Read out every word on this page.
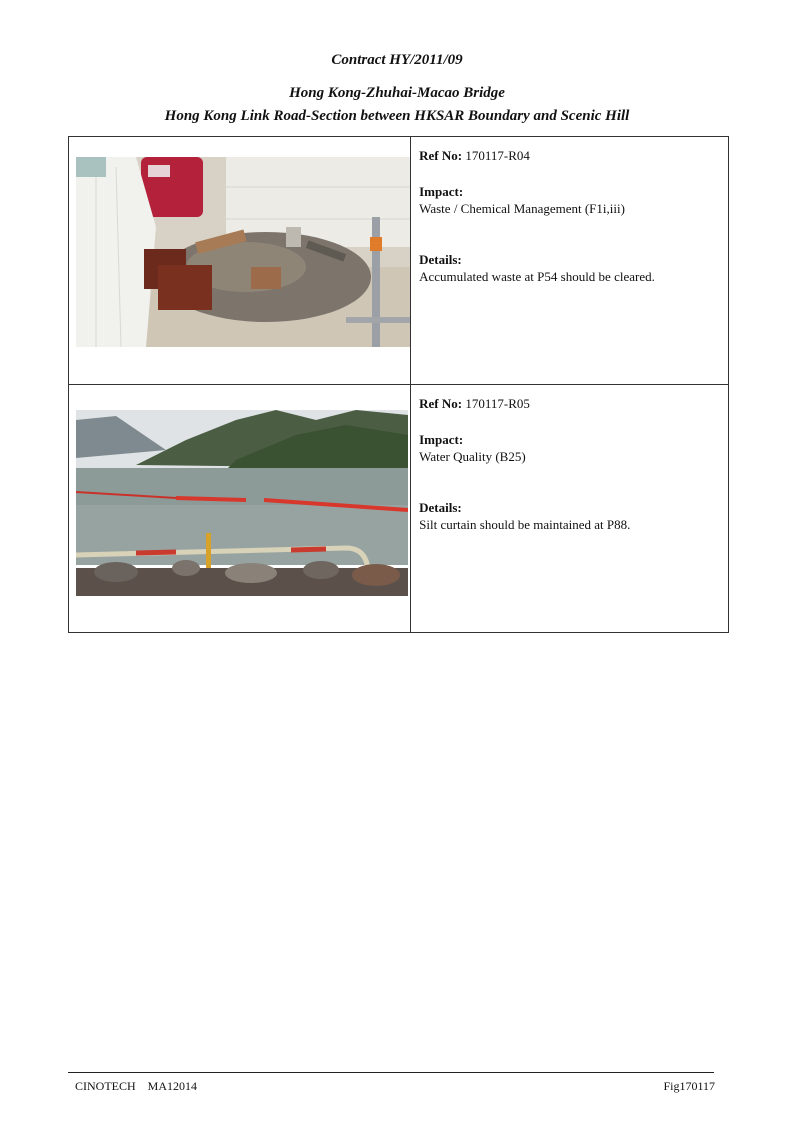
Contract HY/2011/09
Hong Kong-Zhuhai-Macao Bridge
Hong Kong Link Road-Section between HKSAR Boundary and Scenic Hill

Ref No: 170117-R04
Impact:
Waste / Chemical Management (F1i,iii)
Details:
Accumulated waste at P54 should be cleared.

Ref No: 170117-R05
Impact:
Water Quality (B25)
Details:
Silt curtain should be maintained at P88.
CINOTECH MA12014	Fig170117
